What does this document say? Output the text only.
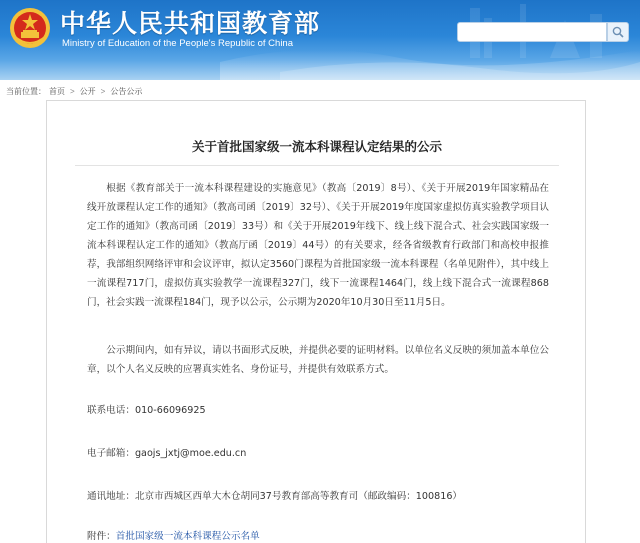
中华人民共和国教育部
Ministry of Education of the People's Republic of China
当前位置： 首页 > 公开 > 公告公示
关于首批国家级一流本科课程认定结果的公示

根据《教育部关于一流本科课程建设的实施意见》（教高〔2019〕8号）、《关于开展2019年国家精品在线开放课程认定工作的通知》（教高司函〔2019〕32号）、《关于开展2019年度国家虚拟仿真实验教学项目认定工作的通知》（教高司函〔2019〕33号）和《关于开展2019年线下、线上线下混合式、社会实践国家级一流本科课程认定工作的通知》（教高厅函〔2019〕44号）的有关要求，经各省级教育行政部门和高校申报推荐，我部组织网络评审和会议评审，拟认定3560门课程为首批国家级一流本科课程（名单见附件），其中线上一流课程717门，虚拟仿真实验教学一流课程327门，线下一流课程1464门，线上线下混合式一流课程868门，社会实践一流课程184门，现予以公示，公示期为2020年10月30日至11月5日。

公示期间内，如有异议，请以书面形式反映，并提供必要的证明材料。以单位名义反映的须加盖本单位公章，以个人名义反映的应署真实姓名、身份证号，并提供有效联系方式。

联系电话：010-66096925
电子邮箱：gaojs_jxtj@moe.edu.cn
通讯地址：北京市西城区西单大木仓胡同37号教育部高等教育司（邮政编码：100816）
附件：首批国家级一流本科课程公示名单
